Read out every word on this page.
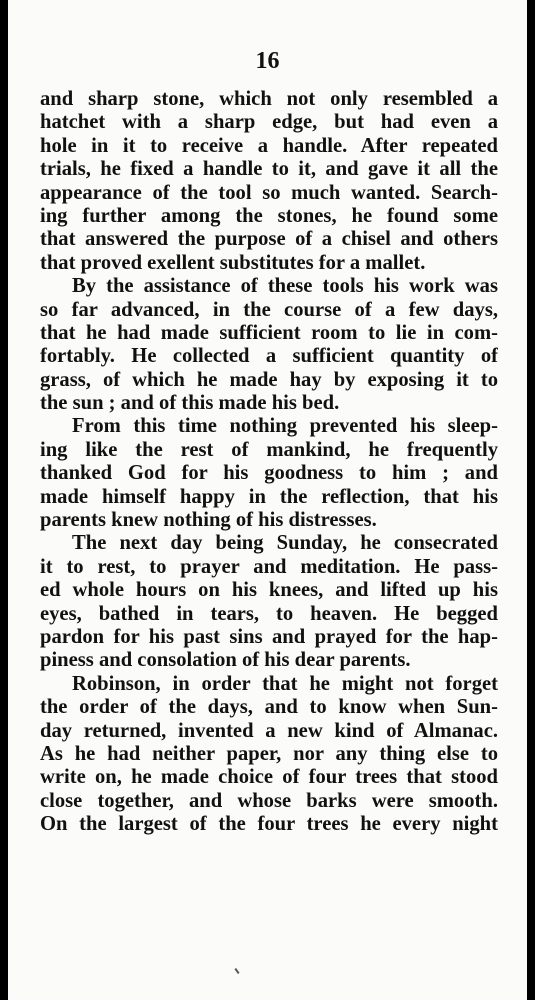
16
and sharp stone, which not only resembled a
hatchet with a sharp edge, but had even a
hole in it to receive a handle. After repeated
trials, he fixed a handle to it, and gave it all the
appearance of the tool so much wanted. Search-
ing further among the stones, he found some
that answered the purpose of a chisel and others
that proved exellent substitutes for a mallet.
By the assistance of these tools his work was
so far advanced, in the course of a few days,
that he had made sufficient room to lie in com-
fortably. He collected a sufficient quantity of
grass, of which he made hay by exposing it to
the sun ; and of this made his bed.
From this time nothing prevented his sleep-
ing like the rest of mankind, he frequently
thanked God for his goodness to him ; and
made himself happy in the reflection, that his
parents knew nothing of his distresses.
The next day being Sunday, he consecrated
it to rest, to prayer and meditation. He pass-
ed whole hours on his knees, and lifted up his
eyes, bathed in tears, to heaven. He begged
pardon for his past sins and prayed for the hap-
piness and consolation of his dear parents.
Robinson, in order that he might not forget
the order of the days, and to know when Sun-
day returned, invented a new kind of Almanac.
As he had neither paper, nor any thing else to
write on, he made choice of four trees that stood
close together, and whose barks were smooth.
On the largest of the four trees he every night
